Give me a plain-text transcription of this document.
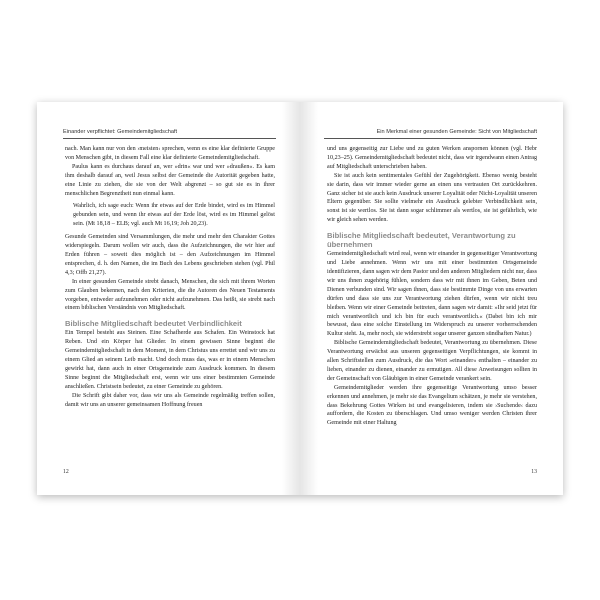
Einander verpflichtet: Gemeindemitgliedschaft

nach. Man kann nur von den ›meisten‹ sprechen, wenn es eine klar definierte Gruppe von Menschen gibt, in diesem Fall eine klar definierte Gemeindemitgliedschaft.

Paulus kann es durchaus darauf an, wer »drin« war und wer »draußen«. Es kam ihm deshalb darauf an, weil Jesus selbst der Gemeinde die Autorität gegeben hatte, eine Linie zu ziehen, die sie von der Welt abgrenzt – so gut sie es in ihrer menschlichen Begrenztheit nun einmal kann.

Wahrlich, ich sage euch: Wenn ihr etwas auf der Erde bindet, wird es im Himmel gebunden sein, und wenn ihr etwas auf der Erde löst, wird es im Himmel gelöst sein. (Mt 18,18 – ELB; vgl. auch Mt 16,19; Joh 20,23).

Gesunde Gemeinden sind Versammlungen, die mehr und mehr den Charakter Gottes widerspiegeln. Darum wollen wir auch, dass die Aufzeichnungen, die wir hier auf Erden führen – soweit dies möglich ist – den Aufzeichnungen im Himmel entsprechen, d. h. den Namen, die im Buch des Lebens geschrieben stehen (vgl. Phil 4,3; Offb 21,27).

In einer gesunden Gemeinde strebt danach, Menschen, die sich mit ihrem Worten zum Glauben bekennen, nach den Kriterien, die die Autoren des Neuen Testaments vorgeben, entweder aufzunehmen oder nicht aufzunehmen. Das heißt, sie strebt nach einem biblischen Verständnis von Mitgliedschaft.

Biblische Mitgliedschaft bedeutet Verbindlichkeit

Ein Tempel besteht aus Steinen. Eine Schafherde aus Schafen. Ein Weinstock hat Reben. Und ein Körper hat Glieder. In einem gewissen Sinne beginnt die Gemeindemitgliedschaft in dem Moment, in dem Christus uns errettet und wir uns zu einem Glied an seinem Leib macht. Und doch muss das, was er in einem Menschen gewirkt hat, dann auch in einer Ortsgemeinde zum Ausdruck kommen. In diesem Sinne beginnt die Mitgliedschaft erst, wenn wir uns einer bestimmten Gemeinde anschließen. Christsein bedeutet, zu einer Gemeinde zu gehören.

Die Schrift gibt daher vor, dass wir uns als Gemeinde regelmäßig treffen sollen, damit wir uns an unserer gemeinsamen Hoffnung freuen

12
Ein Merkmal einer gesunden Gemeinde: Sicht von Mitgliedschaft

und uns gegenseitig zur Liebe und zu guten Werken anspornen können (vgl. Hebr 10,23–25). Gemeindemitgliedschaft bedeutet nicht, dass wir irgendwann einen Antrag auf Mitgliedschaft unterschrieben haben.

Sie ist auch kein sentimentales Gefühl der Zugehörigkeit. Ebenso wenig besteht sie darin, dass wir immer wieder gerne an einen uns vertrauten Ort zurückkehren. Ganz sicher ist sie auch kein Ausdruck unserer Loyalität oder Nicht-Loyalität unseren Eltern gegenüber. Sie sollte vielmehr ein Ausdruck gelebter Verbindlichkeit sein, sonst ist sie wertlos. Sie ist dann sogar schlimmer als wertlos, sie ist gefährlich, wie wir gleich sehen werden.

Biblische Mitgliedschaft bedeutet, Verantwortung zu übernehmen

Gemeindemitgliedschaft wird real, wenn wir einander in gegenseitiger Verantwortung und Liebe annehmen. Wenn wir uns mit einer bestimmten Ortsgemeinde identifizieren, dann sagen wir dem Pastor und den anderen Mitgliedern nicht nur, dass wir uns ihnen zugehörig fühlen, sondern dass wir mit ihnen im Geben, Beten und Dienen verbunden sind. Wir sagen ihnen, dass sie bestimmte Dinge von uns erwarten dürfen und dass sie uns zur Verantwortung ziehen dürfen, wenn wir nicht treu bleiben. Wenn wir einer Gemeinde beitreten, dann sagen wir damit: »Ihr seid jetzt für mich verantwortlich und ich bin für euch verantwortlich.« (Dabei bin ich mir bewusst, dass eine solche Einstellung im Widerspruch zu unserer vorherrschenden Kultur steht. Ja, mehr noch, sie widerstrebt sogar unserer ganzen sündhaften Natur.)

Biblische Gemeindemitgliedschaft bedeutet, Verantwortung zu übernehmen. Diese Verantwortung erwächst aus unseren gegenseitigen Verpflichtungen, sie kommt in allen Schriftstellen zum Ausdruck, die das Wort »einander« enthalten – einander zu lieben, einander zu dienen, einander zu ermutigen. All diese Anweisungen sollten in der Gemeinschaft von Gläubigen in einer Gemeinde verankert sein.

Gemeindemitglieder werden ihre gegenseitige Verantwortung umso besser erkennen und annehmen, je mehr sie das Evangelium schätzen, je mehr sie verstehen, dass Bekehrung Gottes Wirken ist und evangelisieren, indem sie ›Suchende‹ dazu auffordern, die Kosten zu überschlagen. Und umso weniger werden Christen ihrer Gemeinde mit einer Haltung

13
